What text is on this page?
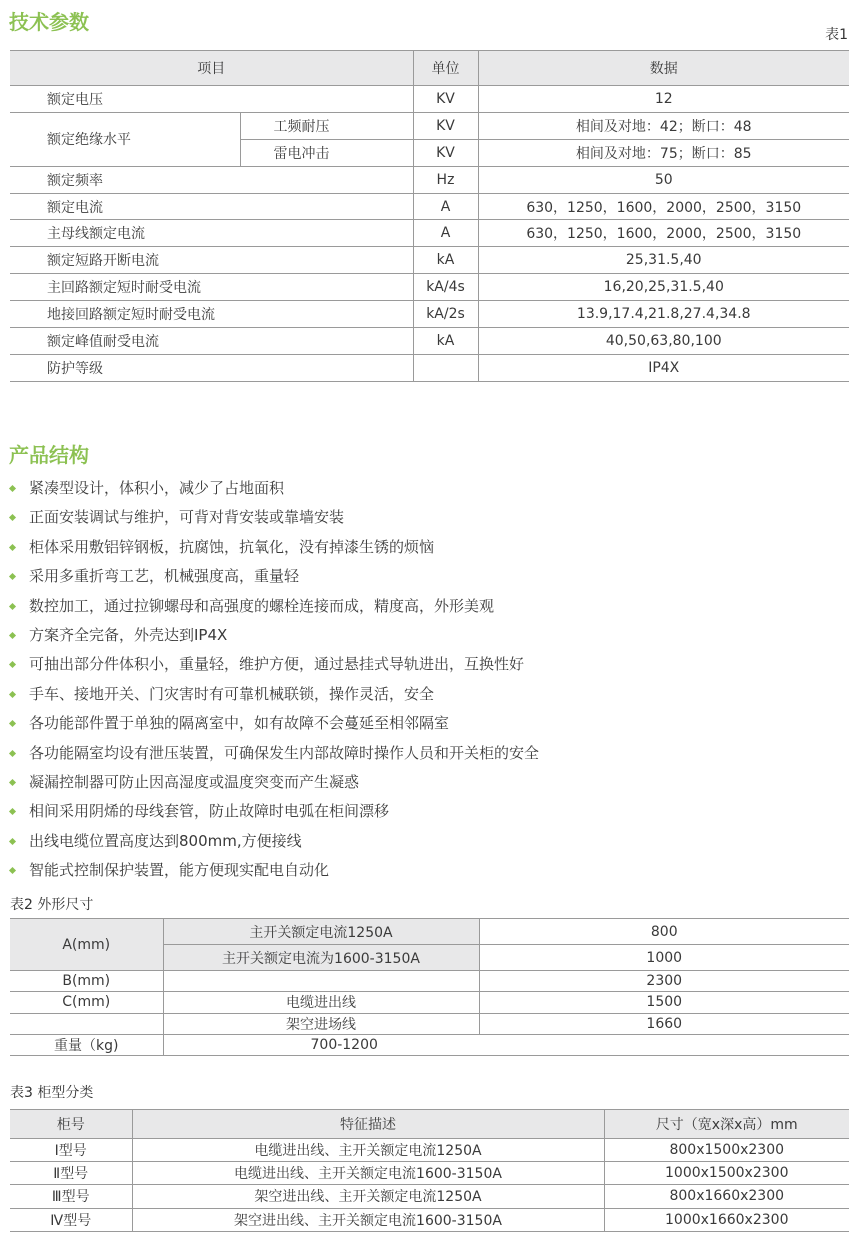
技术参数
表1
项目		单位	数据
额定电压		KV	12
额定绝缘水平	工频耐压	KV	相间及对地：42；断口：48
	雷电冲击	KV	相间及对地：75；断口：85
额定频率		Hz	50
额定电流		A	630，1250，1600，2000，2500，3150
主母线额定电流		A	630，1250，1600，2000，2500，3150
额定短路开断电流		kA	25,31.5,40
主回路额定短时耐受电流		kA/4s	16,20,25,31.5,40
地接回路额定短时耐受电流		kA/2s	13.9,17.4,21.8,27.4,34.8
额定峰值耐受电流		kA	40,50,63,80,100
防护等级			IP4X
产品结构
紧凑型设计，体积小，减少了占地面积
正面安装调试与维护，可背对背安装或靠墙安装
柜体采用敷铝锌钢板，抗腐蚀，抗氧化，没有掉漆生锈的烦恼
采用多重折弯工艺，机械强度高，重量轻
数控加工，通过拉铆螺母和高强度的螺栓连接而成，精度高，外形美观
方案齐全完备，外壳达到IP4X
可抽出部分件体积小，重量轻，维护方便，通过悬挂式导轨进出，互换性好
手车、接地开关、门灾害时有可靠机械联锁，操作灵活，安全
各功能部件置于单独的隔离室中，如有故障不会蔓延至相邻隔室
各功能隔室均设有泄压装置，可确保发生内部故障时操作人员和开关柜的安全
凝漏控制器可防止因高湿度或温度突变而产生凝惑
相间采用阴烯的母线套管，防止故障时电弧在柜间漂移
出线电缆位置高度达到800mm,方便接线
智能式控制保护装置，能方便现实配电自动化
表2 外形尺寸
A(mm)	主开关额定电流1250A	800
	主开关额定电流为1600-3150A	1000
B(mm)		2300
C(mm)	电缆进出线	1500
	架空进场线	1660
重量（kg)	700-1200	
表3 柜型分类
柜号	特征描述	尺寸（宽x深x高）mm
Ⅰ型号	电缆进出线、主开关额定电流1250A	800x1500x2300
Ⅱ型号	电缆进出线、主开关额定电流1600-3150A	1000x1500x2300
Ⅲ型号	架空进出线、主开关额定电流1250A	800x1660x2300
Ⅳ型号	架空进出线、主开关额定电流1600-3150A	1000x1660x2300
